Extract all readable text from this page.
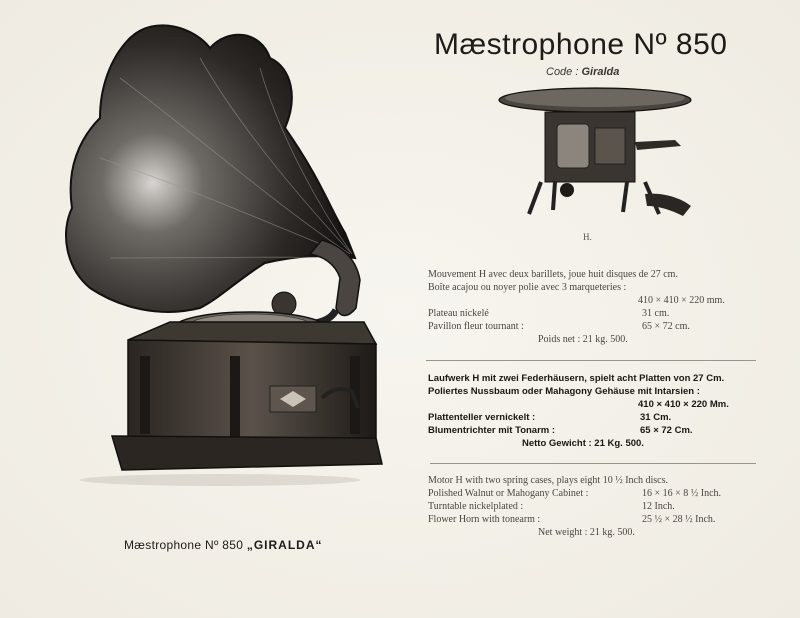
Mæstrophone Nº 850 „GIRALDA“
Mæstrophone Nº 850
Code : Giralda
H.
Mouvement H avec deux barillets, joue huit disques de 27 cm.
Boîte acajou ou noyer polie avec 3 marqueteries :
410 × 410 × 220 mm.
Plateau nickelé	31 cm.
Pavillon fleur tournant :	65 × 72 cm.
Poids net : 21 kg. 500.
Laufwerk H mit zwei Federhäusern, spielt acht Platten von 27 Cm.
Poliertes Nussbaum oder Mahagony Gehäuse mit Intarsien :
410 × 410 × 220 Mm.
Plattenteller vernickelt :	31 Cm.
Blumentrichter mit Tonarm :	65 × 72 Cm.
Netto Gewicht : 21 Kg. 500.
Motor H with two spring cases, plays eight 10 ½ Inch discs.
Polished Walnut or Mahogany Cabinet :	16 × 16 × 8 ½ Inch.
Turntable nickelplated :	12 Inch.
Flower Horn with tonearm :	25 ½ × 28 ½ Inch.
Net weight : 21 kg. 500.
